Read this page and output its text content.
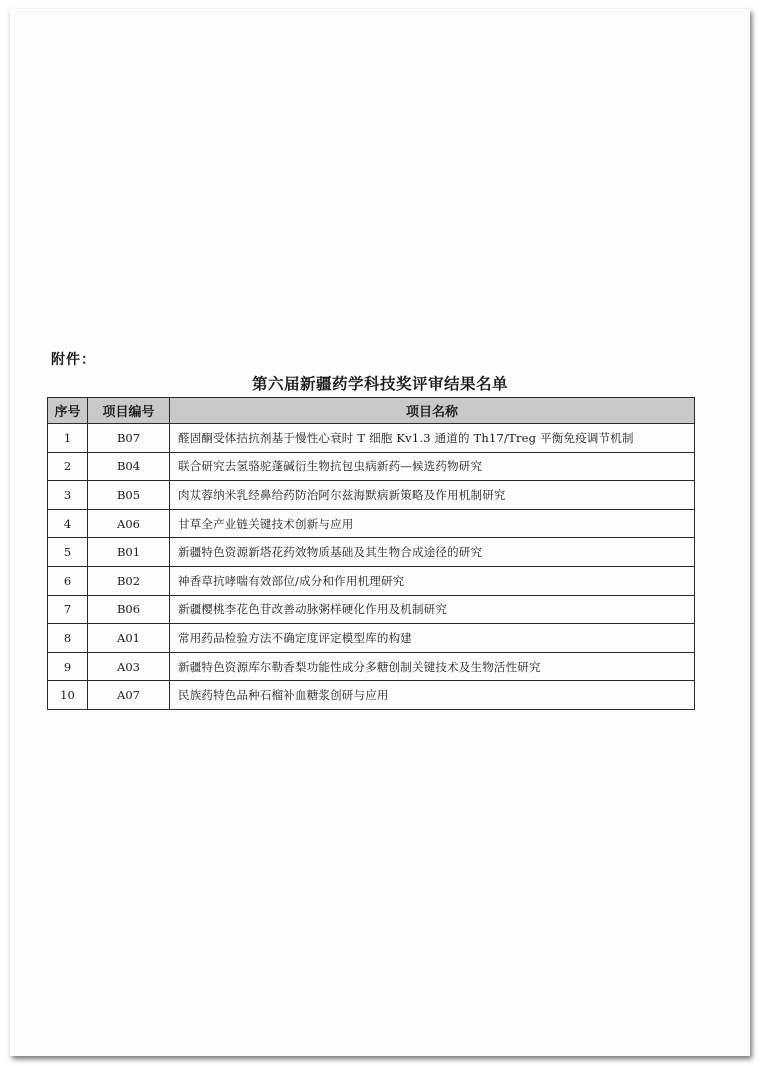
附件：
第六届新疆药学科技奖评审结果名单
序号	项目编号	项目名称
1	B07	醛固酮受体拮抗剂基于慢性心衰时 T 细胞 Kv1.3 通道的 Th17/Treg 平衡免疫调节机制
2	B04	联合研究去氢骆驼蓬碱衍生物抗包虫病新药—候选药物研究
3	B05	肉苁蓉纳米乳经鼻给药防治阿尔兹海默病新策略及作用机制研究
4	A06	甘草全产业链关键技术创新与应用
5	B01	新疆特色资源新塔花药效物质基础及其生物合成途径的研究
6	B02	神香草抗哮喘有效部位/成分和作用机理研究
7	B06	新疆樱桃李花色苷改善动脉粥样硬化作用及机制研究
8	A01	常用药品检验方法不确定度评定模型库的构建
9	A03	新疆特色资源库尔勒香梨功能性成分多糖创制关键技术及生物活性研究
10	A07	民族药特色品种石榴补血糖浆创研与应用
